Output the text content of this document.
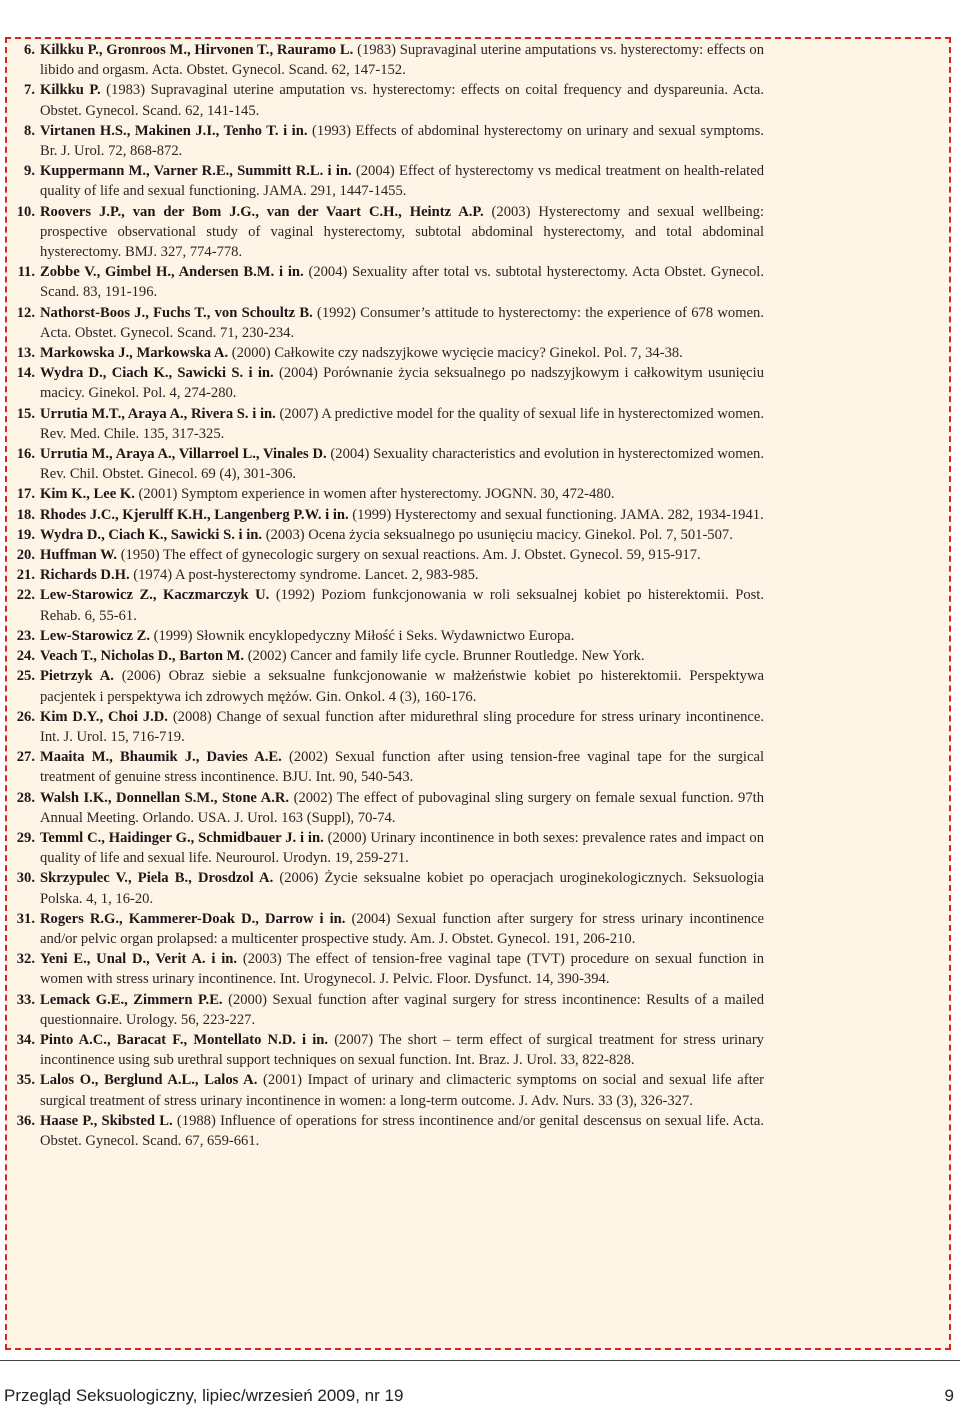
6. Kilkku P., Gronroos M., Hirvonen T., Rauramo L. (1983) Supravaginal uterine amputations vs. hysterectomy: effects on libido and orgasm. Acta. Obstet. Gynecol. Scand. 62, 147-152.

7. Kilkku P. (1983) Supravaginal uterine amputation vs. hysterectomy: effects on coital frequency and dyspareunia. Acta. Obstet. Gynecol. Scand. 62, 141-145.

8. Virtanen H.S., Makinen J.I., Tenho T. i in. (1993) Effects of abdominal hysterectomy on urinary and sexual symptoms. Br. J. Urol. 72, 868-872.

9. Kuppermann M., Varner R.E., Summitt R.L. i in. (2004) Effect of hysterectomy vs medical treatment on health-related quality of life and sexual functioning. JAMA. 291, 1447-1455.

10. Roovers J.P., van der Bom J.G., van der Vaart C.H., Heintz A.P. (2003) Hysterectomy and sexual wellbeing: prospective observational study of vaginal hysterectomy, subtotal abdominal hysterectomy, and total abdominal hysterectomy. BMJ. 327, 774-778.

11. Zobbe V., Gimbel H., Andersen B.M. i in. (2004) Sexuality after total vs. subtotal hysterectomy. Acta Obstet. Gynecol. Scand. 83, 191-196.

12. Nathorst-Boos J., Fuchs T., von Schoultz B. (1992) Consumer’s attitude to hysterectomy: the experience of 678 women. Acta. Obstet. Gynecol. Scand. 71, 230-234.

13. Markowska J., Markowska A. (2000) Całkowite czy nadszyjkowe wycięcie macicy? Ginekol. Pol. 7, 34-38.

14. Wydra D., Ciach K., Sawicki S. i in. (2004) Porównanie życia seksualnego po nadszyjkowym i całkowitym usunięciu macicy. Ginekol. Pol. 4, 274-280.

15. Urrutia M.T., Araya A., Rivera S. i in. (2007) A predictive model for the quality of sexual life in hysterectomized women. Rev. Med. Chile. 135, 317-325.

16. Urrutia M., Araya A., Villarroel L., Vinales D. (2004) Sexuality characteristics and evolution in hysterectomized women. Rev. Chil. Obstet. Ginecol. 69 (4), 301-306.

17. Kim K., Lee K. (2001) Symptom experience in women after hysterectomy. JOGNN. 30, 472-480.

18. Rhodes J.C., Kjerulff K.H., Langenberg P.W. i in. (1999) Hysterectomy and sexual functioning. JAMA. 282, 1934-1941.

19. Wydra D., Ciach K., Sawicki S. i in. (2003) Ocena życia seksualnego po usunięciu macicy. Ginekol. Pol. 7, 501-507.

20. Huffman W. (1950) The effect of gynecologic surgery on sexual reactions. Am. J. Obstet. Gynecol. 59, 915-917.

21. Richards D.H. (1974) A post-hysterectomy syndrome. Lancet. 2, 983-985.

22. Lew-Starowicz Z., Kaczmarczyk U. (1992) Poziom funkcjonowania w roli seksualnej kobiet po histerektomii. Post. Rehab. 6, 55-61.

23. Lew-Starowicz Z. (1999) Słownik encyklopedyczny Miłość i Seks. Wydawnictwo Europa.

24. Veach T., Nicholas D., Barton M. (2002) Cancer and family life cycle. Brunner Routledge. New York.

25. Pietrzyk A. (2006) Obraz siebie a seksualne funkcjonowanie w małżeństwie kobiet po histerektomii. Perspektywa pacjentek i perspektywa ich zdrowych mężów. Gin. Onkol. 4 (3), 160-176.

26. Kim D.Y., Choi J.D. (2008) Change of sexual function after midurethral sling procedure for stress urinary incontinence. Int. J. Urol. 15, 716-719.

27. Maaita M., Bhaumik J., Davies A.E. (2002) Sexual function after using tension-free vaginal tape for the surgical treatment of genuine stress incontinence. BJU. Int. 90, 540-543.

28. Walsh I.K., Donnellan S.M., Stone A.R. (2002) The effect of pubovaginal sling surgery on female sexual function. 97th Annual Meeting. Orlando. USA. J. Urol. 163 (Suppl), 70-74.

29. Temml C., Haidinger G., Schmidbauer J. i in. (2000) Urinary incontinence in both sexes: prevalence rates and impact on quality of life and sexual life. Neurourol. Urodyn. 19, 259-271.

30. Skrzypulec V., Piela B., Drosdzol A. (2006) Życie seksualne kobiet po operacjach uroginekologicznych. Seksuologia Polska. 4, 1, 16-20.

31. Rogers R.G., Kammerer-Doak D., Darrow i in. (2004) Sexual function after surgery for stress urinary incontinence and/or pelvic organ prolapsed: a multicenter prospective study. Am. J. Obstet. Gynecol. 191, 206-210.

32. Yeni E., Unal D., Verit A. i in. (2003) The effect of tension-free vaginal tape (TVT) procedure on sexual function in women with stress urinary incontinence. Int. Urogynecol. J. Pelvic. Floor. Dysfunct. 14, 390-394.

33. Lemack G.E., Zimmern P.E. (2000) Sexual function after vaginal surgery for stress incontinence: Results of a mailed questionnaire. Urology. 56, 223-227.

34. Pinto A.C., Baracat F., Montellato N.D. i in. (2007) The short – term effect of surgical treatment for stress urinary incontinence using sub urethral support techniques on sexual function. Int. Braz. J. Urol. 33, 822-828.

35. Lalos O., Berglund A.L., Lalos A. (2001) Impact of urinary and climacteric symptoms on social and sexual life after surgical treatment of stress urinary incontinence in women: a long-term outcome. J. Adv. Nurs. 33 (3), 326-327.

36. Haase P., Skibsted L. (1988) Influence of operations for stress incontinence and/or genital descensus on sexual life. Acta. Obstet. Gynecol. Scand. 67, 659-661.

Przegląd Seksuologiczny, lipiec/wrzesień 2009, nr 19	9
